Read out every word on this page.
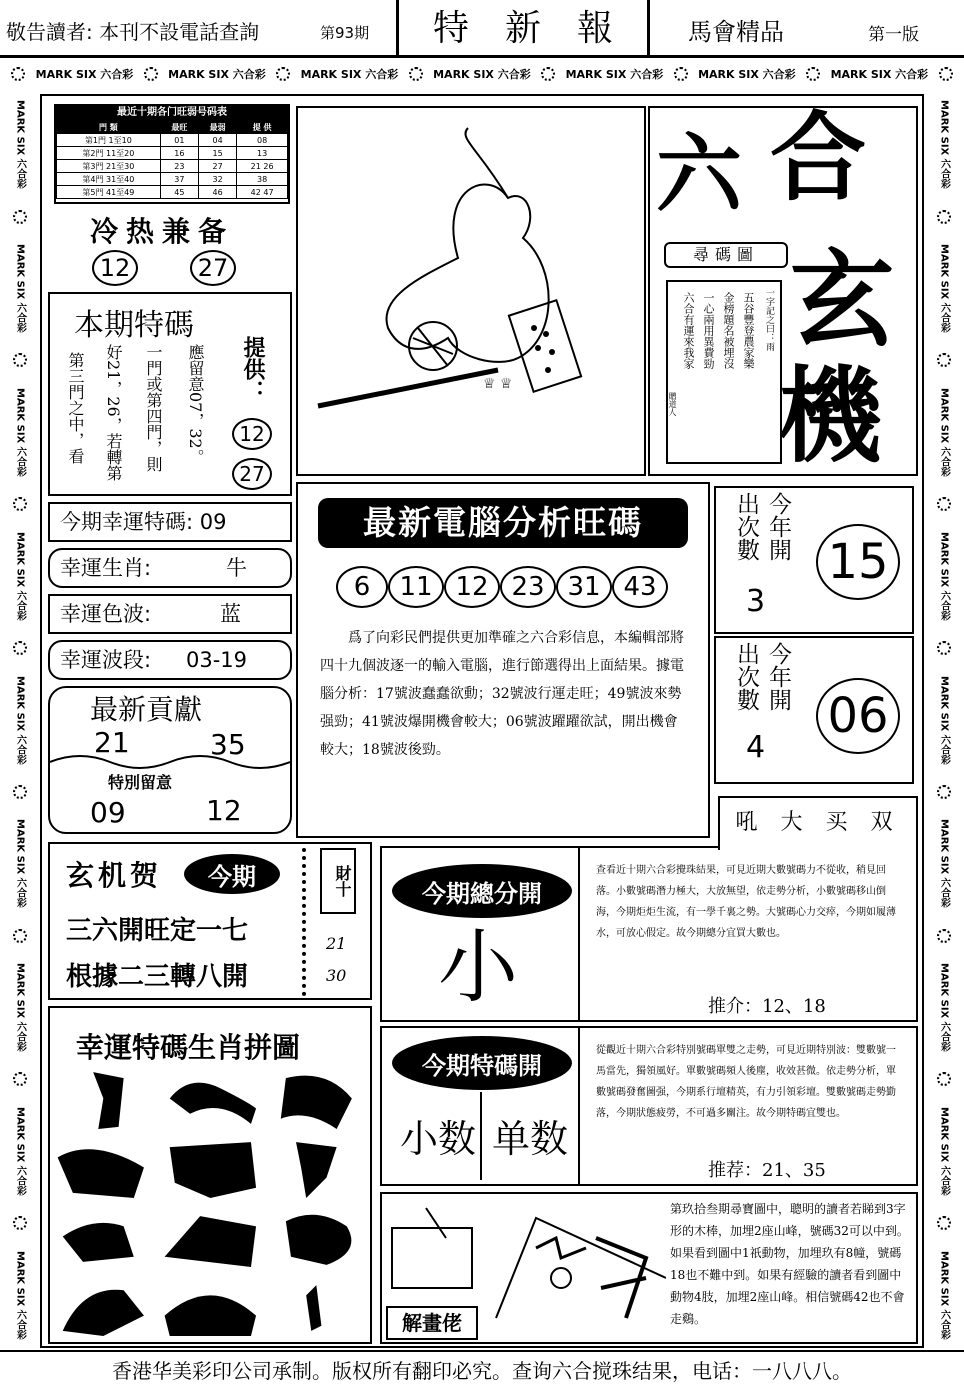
敬告讀者: 本刊不設電話查詢	第93期	特　新　報	馬會精品	第一版
MARK SIX 六合彩	MARK SIX 六合彩	MARK SIX 六合彩	MARK SIX 六合彩	MARK SIX 六合彩	MARK SIX 六合彩	MARK SIX 六合彩
MARK SIX 六合彩
MARK SIX 六合彩
MARK SIX 六合彩
MARK SIX 六合彩
MARK SIX 六合彩
MARK SIX 六合彩
MARK SIX 六合彩
MARK SIX 六合彩
MARK SIX 六合彩
MARK SIX 六合彩
MARK SIX 六合彩
MARK SIX 六合彩
MARK SIX 六合彩
MARK SIX 六合彩
MARK SIX 六合彩
MARK SIX 六合彩
MARK SIX 六合彩
MARK SIX 六合彩
最近十期各门旺弱号码表
門 類	最旺	最弱	提 供
第1門 1至10	01	04	08
第2門 11至20	16	15	13
第3門 21至30	23	27	21 26
第4門 31至40	37	32	38
第5門 41至49	45	46	42 47
冷热兼备
12	27
本期特碼
第三門之中，看 好21，26，若轉第 一門或第四門，則 應留意07，32。 提供：
12
27
今期幸運特碼: 09
幸運生肖:	牛
幸運色波:	蓝
幸運波段: 03-19
最新貢獻
21	35
特別留意
09	12
♕ ♕
六 合
玄
機
尋碼圖
一字記之曰：雨
五谷豐登農家樂
金榜題名被埋沒
一心兩用異費勁
六合有運來我家
贈道人
最新電腦分析旺碼
6	11 12 23 31 43
　　爲了向彩民們提供更加準確之六合彩信息，本編輯部將四十九個波逐一的輸入電腦，進行節選得出上面結果。據電腦分析：17號波蠢蠢欲動；32號波行運走旺；49號波來勢强勁；41號波爆開機會較大；06號波躍躍欲試，開出機會較大；18號波後勁。
今年開
出次數
3
15
今年開
出次數
4
06
玄机贺	今期
三六開旺定一七
根據二三轉八開
財十
21
30
幸運特碼生肖拼圖
今期總分開
小
吼 大 买 双
查看近十期六合彩攪珠結果，可見近期大數號碼力不從收，稍見回落。小數號碼潛力極大，大放無望，依走勢分析，小數號碼移山倒海，今期炬炬生流，有一學千裏之勢。大號碼心力交瘁，今期如履薄水，可放心假定。故今期總分宜買大數也。
推介：12、18
今期特碼開
小数 单数
從觀近十期六合彩特別號碼單雙之走勢，可見近期特別波：雙數號一馬當先，獨領風好。單數號碼頻人後塵，收效甚微。依走勢分析，單數號碼發奮圖强，今期系行壇精英，有力引領彩壇。雙數號碼走勢勤落，今期狀態疲勞，不可過多關注。故今期特碼宜雙也。
推荐：21、35
解畫佬
第玖拾叁期尋寶圖中，聰明的讀者若睇到3字形的木棒，加埋2座山峰，號碼32可以中到。如果看到圖中1祇動物，加埋玖有8幢，號碼18也不難中到。如果有經驗的讀者看到圖中動物4肢，加埋2座山峰。相信號碼42也不會走鷄。
香港华美彩印公司承制。版权所有翻印必究。查询六合搅珠结果，电话：一八八八。
